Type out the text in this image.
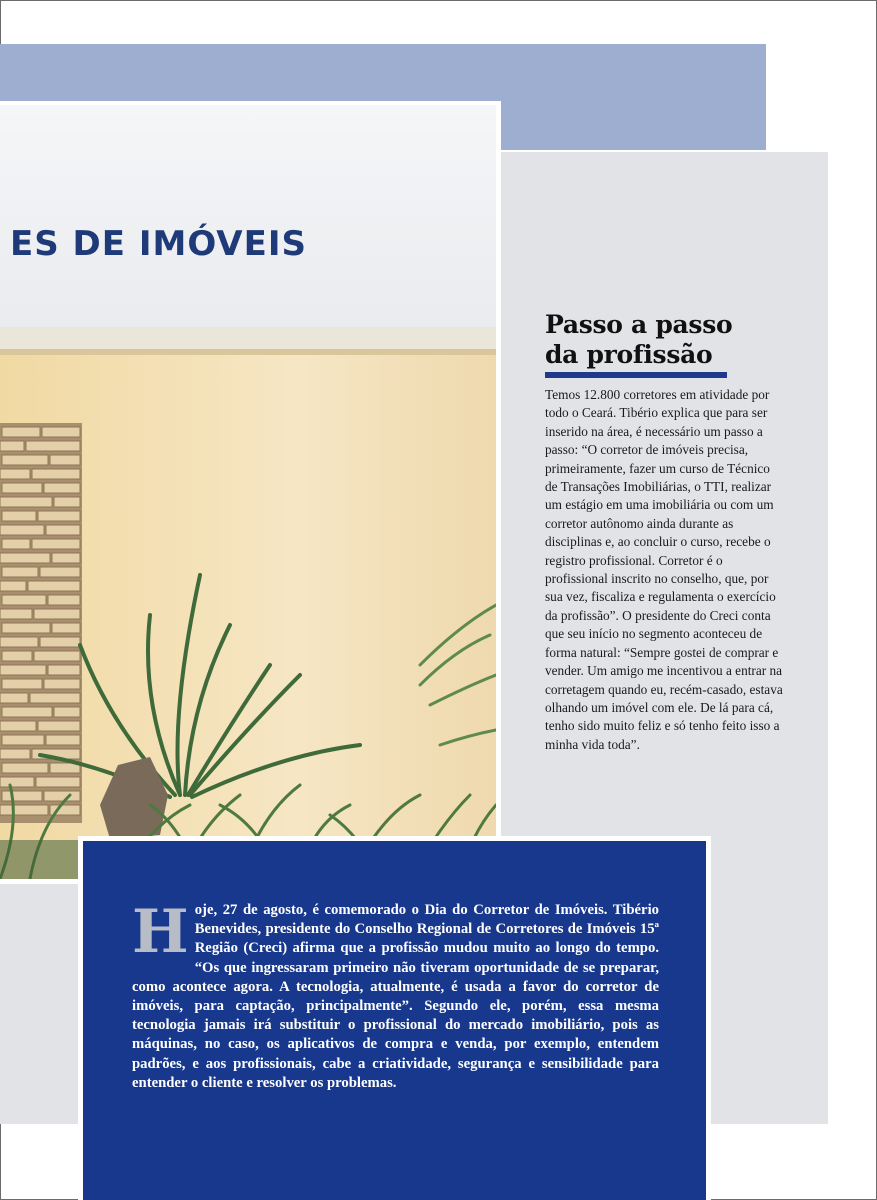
ES DE IMÓVEIS
Passo a passo
da profissão

Temos 12.800 corretores em atividade por todo o Ceará. Tibério explica que para ser inserido na área, é necessário um passo a passo: “O corretor de imóveis precisa, primeiramente, fazer um curso de Técnico de Transações Imobiliárias, o TTI, realizar um estágio em uma imobiliária ou com um corretor autônomo ainda durante as disciplinas e, ao concluir o curso, recebe o registro profissional. Corretor é o profissional inscrito no conselho, que, por sua vez, fiscaliza e regulamenta o exercício da profissão”. O presidente do Creci conta que seu início no segmento aconteceu de forma natural: “Sempre gostei de comprar e vender. Um amigo me incentivou a entrar na corretagem quando eu, recém-casado, estava olhando um imóvel com ele. De lá para cá, tenho sido muito feliz e só tenho feito isso a minha vida toda”.

Hoje, 27 de agosto, é comemorado o Dia do Corretor de Imóveis. Tibério Benevides, presidente do Conselho Regional de Corretores de Imóveis 15ª Região (Creci) afirma que a profissão mudou muito ao longo do tempo. “Os que ingressaram primeiro não tiveram oportunidade de se preparar, como acontece agora. A tecnologia, atualmente, é usada a favor do corretor de imóveis, para captação, principalmente”. Segundo ele, porém, essa mesma tecnologia jamais irá substituir o profissional do mercado imobiliário, pois as máquinas, no caso, os aplicativos de compra e venda, por exemplo, entendem padrões, e aos profissionais, cabe a criatividade, segurança e sensibilidade para entender o cliente e resolver os problemas.
